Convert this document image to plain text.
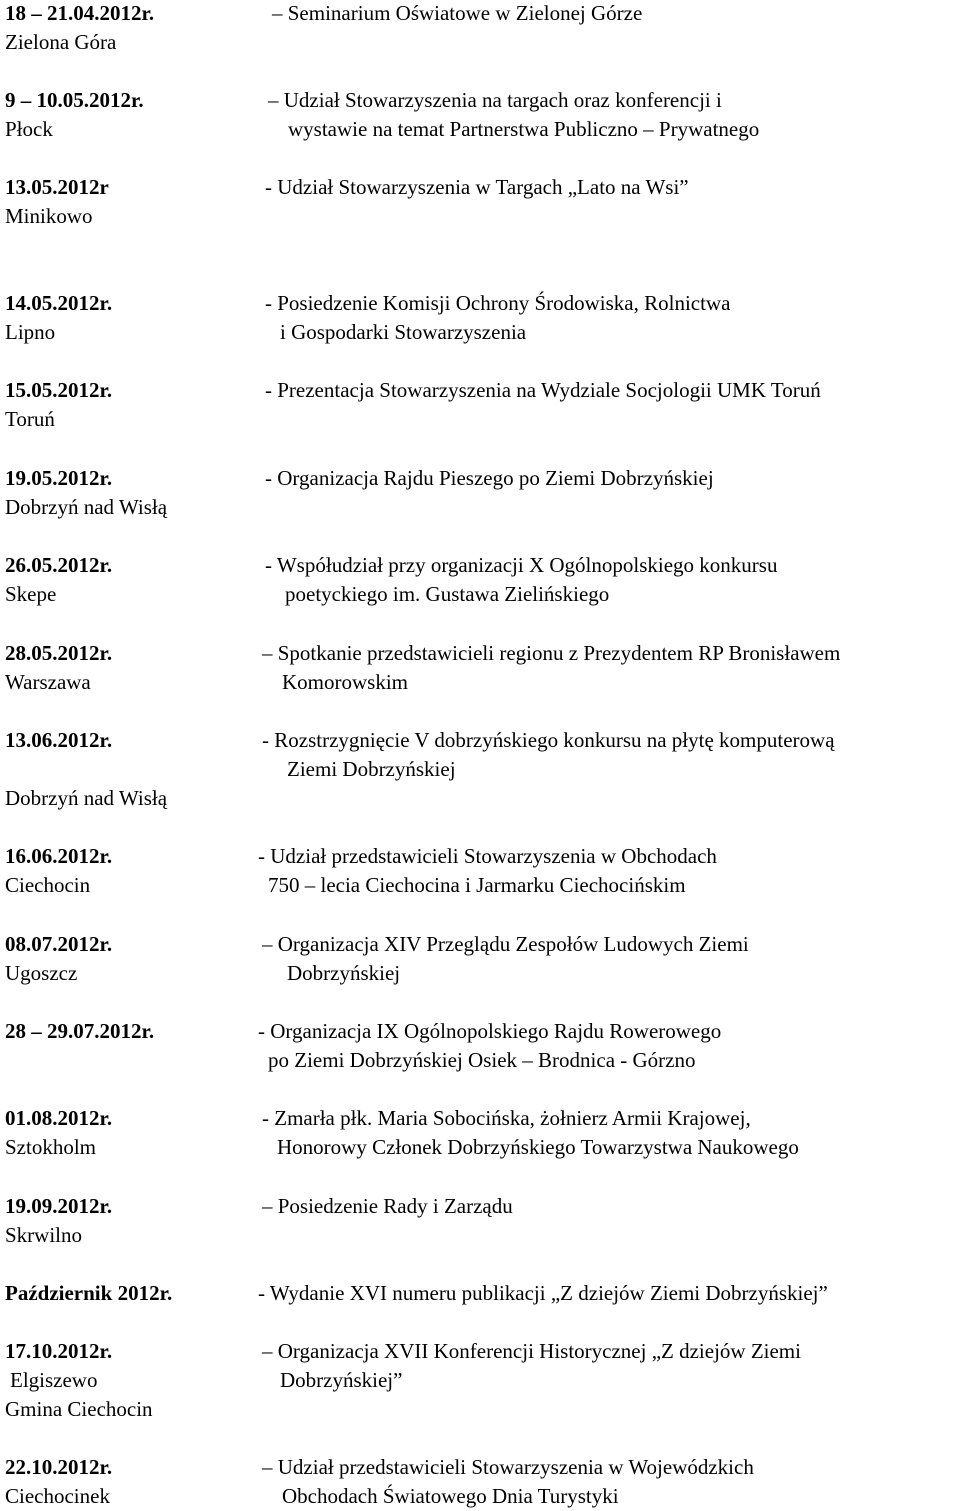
18 – 21.04.2012r.
Zielona Góra
– Seminarium Oświatowe w Zielonej Górze
9 – 10.05.2012r.
Płock
– Udział Stowarzyszenia na targach oraz konferencji i
wystawie na temat Partnerstwa Publiczno – Prywatnego
13.05.2012r
Minikowo
- Udział Stowarzyszenia w Targach „Lato na Wsi”
14.05.2012r.
Lipno
- Posiedzenie Komisji Ochrony Środowiska, Rolnictwa
i Gospodarki Stowarzyszenia
15.05.2012r.
Toruń
- Prezentacja Stowarzyszenia na Wydziale Socjologii UMK Toruń
19.05.2012r.
Dobrzyń nad Wisłą
- Organizacja Rajdu Pieszego po Ziemi Dobrzyńskiej
26.05.2012r.
Skepe
- Współudział przy organizacji X Ogólnopolskiego konkursu
poetyckiego im. Gustawa Zielińskiego
28.05.2012r.
Warszawa
– Spotkanie przedstawicieli regionu z Prezydentem RP Bronisławem
Komorowskim
13.06.2012r.
Dobrzyń nad Wisłą
- Rozstrzygnięcie V dobrzyńskiego konkursu na płytę komputerową
Ziemi Dobrzyńskiej
16.06.2012r.
Ciechocin
- Udział przedstawicieli Stowarzyszenia w Obchodach
750 – lecia Ciechocina i Jarmarku Ciechocińskim
08.07.2012r.
Ugoszcz
– Organizacja XIV Przeglądu Zespołów Ludowych Ziemi
Dobrzyńskiej
28 – 29.07.2012r.	- Organizacja IX Ogólnopolskiego Rajdu Rowerowego
po Ziemi Dobrzyńskiej Osiek – Brodnica - Górzno
01.08.2012r.
Sztokholm
- Zmarła płk. Maria Sobocińska, żołnierz Armii Krajowej,
Honorowy Członek Dobrzyńskiego Towarzystwa Naukowego
19.09.2012r.
Skrwilno
– Posiedzenie Rady i Zarządu
Październik 2012r.	- Wydanie XVI numeru publikacji „Z dziejów Ziemi Dobrzyńskiej”
17.10.2012r.
Elgiszewo
Gmina Ciechocin
– Organizacja XVII Konferencji Historycznej „Z dziejów Ziemi
Dobrzyńskiej”
22.10.2012r.
Ciechocinek
– Udział przedstawicieli Stowarzyszenia w Wojewódzkich
Obchodach Światowego Dnia Turystyki
